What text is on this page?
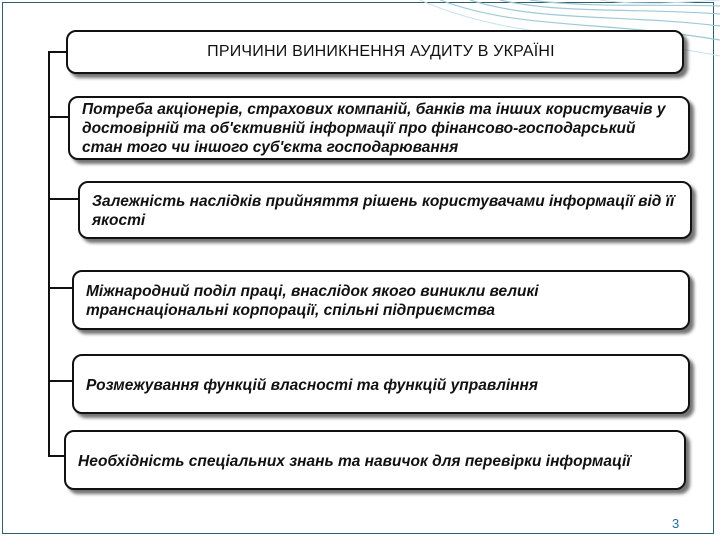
ПРИЧИНИ ВИНИКНЕННЯ АУДИТУ В УКРАЇНІ
Потреба акціонерів, страхових компаній, банків та інших користувачів у достовірній та об'єктивній інформації про фінансово-господарський стан того чи іншого суб'єкта господарювання
Залежність наслідків прийняття рішень користувачами інформації від її якості
Міжнародний поділ праці, внаслідок якого виникли великі транснаціональні корпорації, спільні підприємства
Розмежування функцій власності та функцій управління
Необхідність спеціальних знань та навичок для перевірки інформації
3
